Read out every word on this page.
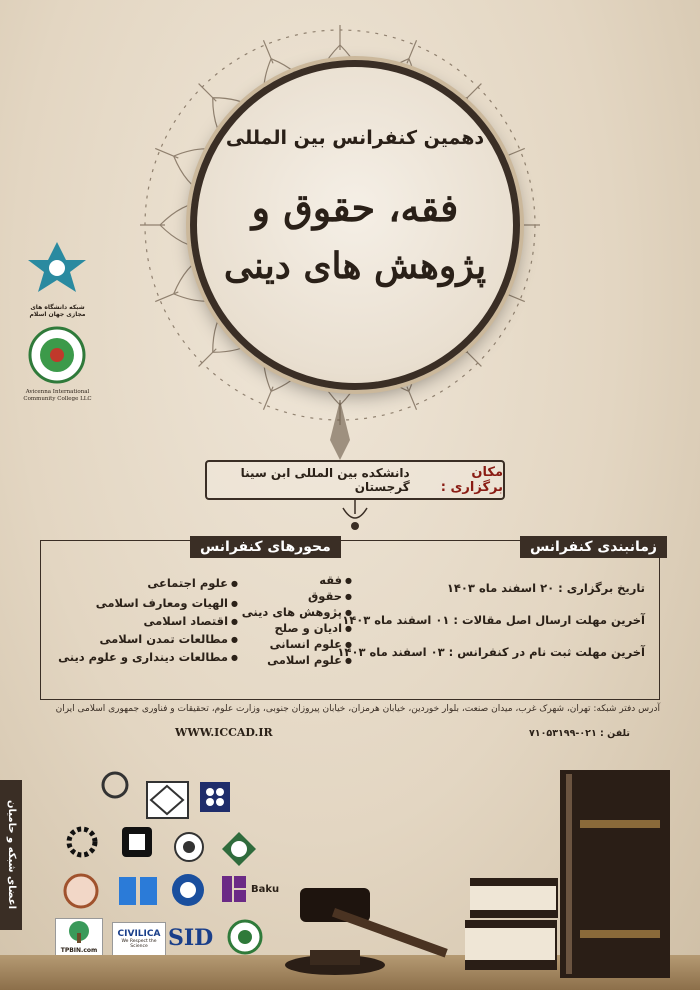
دهمین کنفرانس بین المللی
فقه، حقوق و
پژوهش های دینی
شبکه دانشگاه های مجازی جهان اسلام
Avicenna International Community College LLC
مکان برگزاری :
دانشکده بین المللی ابن سینا گرجستان
زمانبندی کنفرانس
محورهای کنفرانس
تاریخ برگزاری : ۲۰ اسفند ماه ۱۴۰۳
آخرین مهلت ارسال اصل مقالات : ۰۱ اسفند ماه ۱۴۰۳
آخرین مهلت ثبت نام در کنفرانس : ۰۳ اسفند ماه ۱۴۰۳
● فقه
● حقوق
● پژوهش های دینی
● ادیان و صلح
● علوم انسانی
● علوم اسلامی
● علوم اجتماعی
● الهیات ومعارف اسلامی
● اقتصاد اسلامی
● مطالعات تمدن اسلامی
● مطالعات دینداری و علوم دینی
آدرس دفتر شبکه: تهران، شهرک غرب، میدان صنعت، بلوار خوردین، خیابان هرمزان، خیابان پیروزان جنوبی، وزارت علوم، تحقیقات و فناوری جمهوری اسلامی ایران
تلفن : ۰۲۱-۷۱۰۵۳۱۹۹
WWW.ICCAD.IR
اعضای شبکه و حامیان	Baku
TPBIN.com
CIVILICA
We Respect the Science SID
